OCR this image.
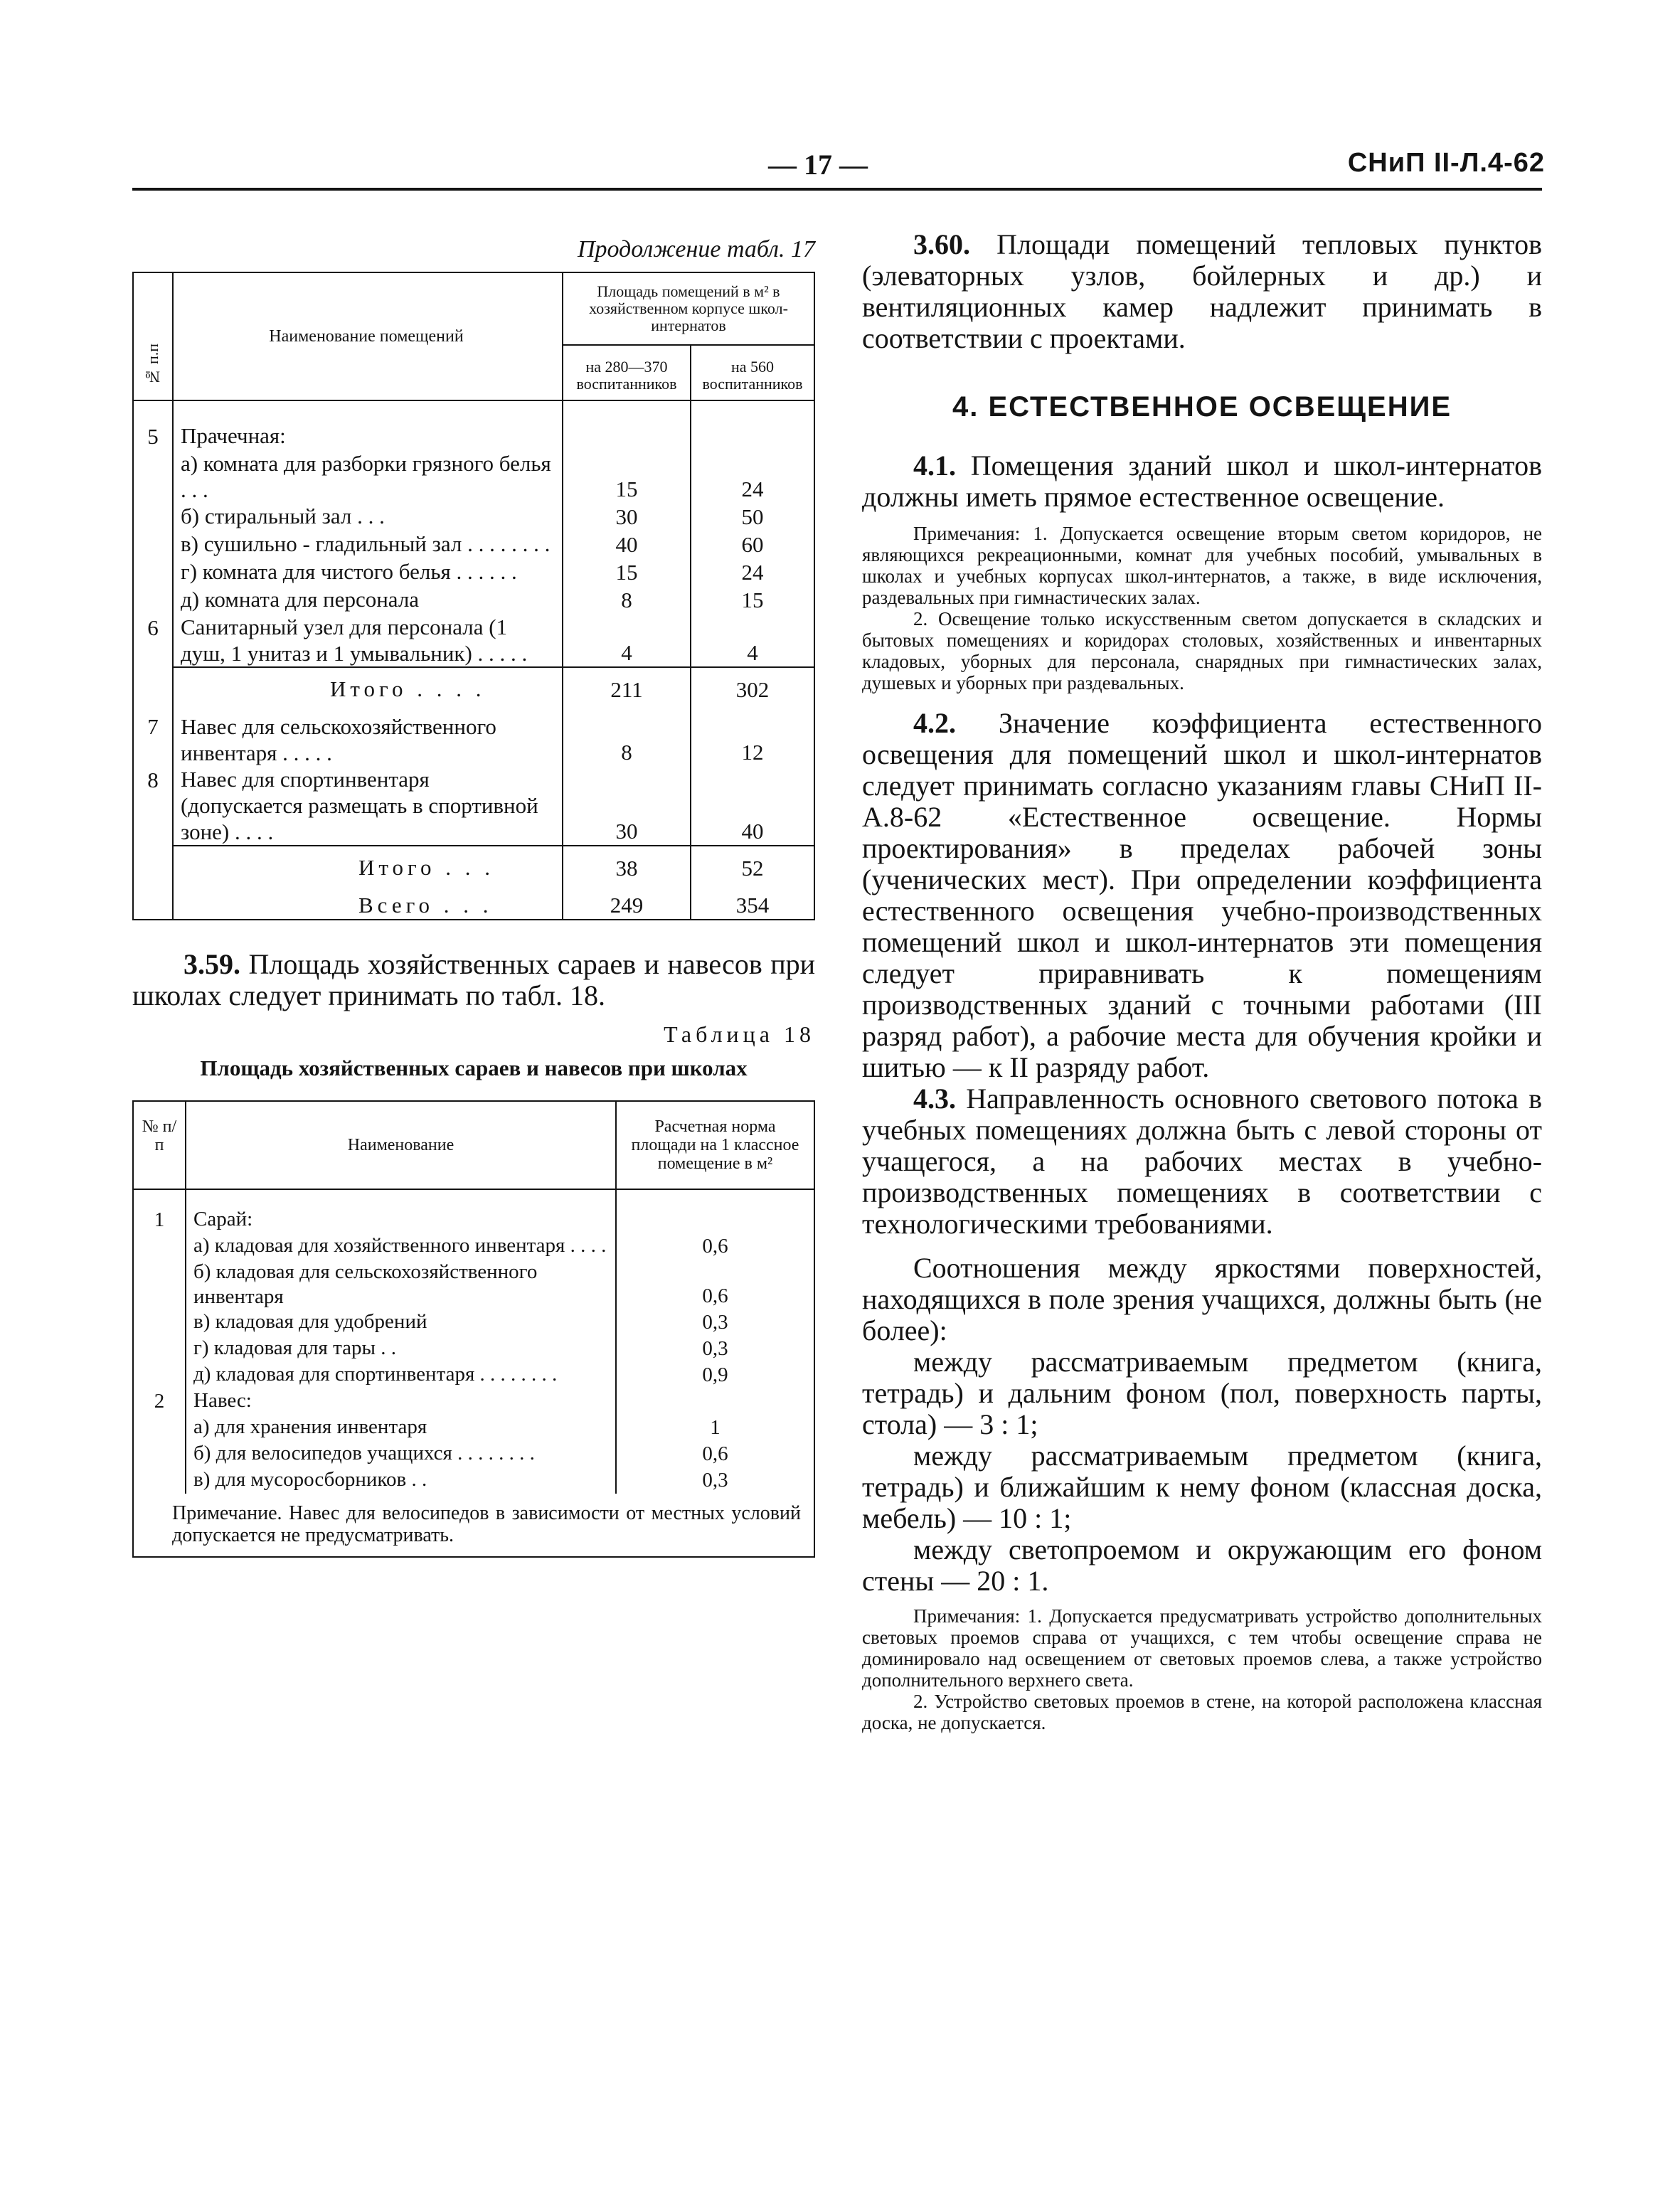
— 17 —	СНиП II-Л.4-62
Продолжение табл. 17
№ п.п	Наименование помещений	Площадь помещений в м² в хозяйственном корпусе школ-интернатов	
		на 280—370 воспитанников	на 560 воспитанников

5	Прачечная:		
	а) комната для разборки грязного белья . . .	15	24
	б) стиральный зал . . .	30	50
	в) сушильно - гладильный зал . . . . . . . .	40	60
	г) комната для чистого белья . . . . . .	15	24
	д) комната для персонала	8	15
6	Санитарный узел для персонала (1 душ, 1 унитаз и 1 умывальник) . . . . .	4	4

	Итого . . . .	211	302
7	Навес для сельскохозяйственного инвентаря . . . . .	8	12
8	Навес для спортинвентаря (допускается размещать в спортивной зоне) . . . .	30	40

	Итого . . .	38	52
	Всего . . .	249	354
3.59. Площадь хозяйственных сараев и навесов при школах следует принимать по табл. 18.
Таблица 18
Площадь хозяйственных сараев и навесов при школах
№ п/п	Наименование	Расчетная норма площади на 1 классное помещение в м²

1	Сарай:	
	а) кладовая для хозяйственного инвентаря . . . .	0,6
	б) кладовая для сельскохозяйственного инвентаря	0,6
	в) кладовая для удобрений	0,3
	г) кладовая для тары . .	0,3
	д) кладовая для спортинвентаря . . . . . . . .	0,9
2	Навес:	
	а) для хранения инвентаря	1
	б) для велосипедов учащихся . . . . . . . .	0,6
	в) для мусоросборников . .	0,3
Примечание. Навес для велосипедов в зависимости от местных условий допускается не предусматривать.		
3.60. Площади помещений тепловых пунктов (элеваторных узлов, бойлерных и др.) и вентиляционных камер надлежит принимать в соответствии с проектами.
4. ЕСТЕСТВЕННОЕ ОСВЕЩЕНИЕ
4.1. Помещения зданий школ и школ-интернатов должны иметь прямое естественное освещение.
Примечания: 1. Допускается освещение вторым светом коридоров, не являющихся рекреационными, комнат для учебных пособий, умывальных в школах и учебных корпусах школ-интернатов, а также, в виде исключения, раздевальных при гимнастических залах.
2. Освещение только искусственным светом допускается в складских и бытовых помещениях и коридорах столовых, хозяйственных и инвентарных кладовых, уборных для персонала, снарядных при гимнастических залах, душевых и уборных при раздевальных.
4.2. Значение коэффициента естественного освещения для помещений школ и школ-интернатов следует принимать согласно указаниям главы СНиП II-А.8-62 «Естественное освещение. Нормы проектирования» в пределах рабочей зоны (ученических мест). При определении коэффициента естественного освещения учебно-производственных помещений школ и школ-интернатов эти помещения следует приравнивать к помещениям производственных зданий с точными работами (III разряд работ), а рабочие места для обучения кройки и шитью — к II разряду работ.
4.3. Направленность основного светового потока в учебных помещениях должна быть с левой стороны от учащегося, а на рабочих местах в учебно-производственных помещениях в соответствии с технологическими требованиями.
Соотношения между яркостями поверхностей, находящихся в поле зрения учащихся, должны быть (не более):
между рассматриваемым предметом (книга, тетрадь) и дальним фоном (пол, поверхность парты, стола) — 3 : 1;
между рассматриваемым предметом (книга, тетрадь) и ближайшим к нему фоном (классная доска, мебель) — 10 : 1;
между светопроемом и окружающим его фоном стены — 20 : 1.
Примечания: 1. Допускается предусматривать устройство дополнительных световых проемов справа от учащихся, с тем чтобы освещение справа не доминировало над освещением от световых проемов слева, а также устройство дополнительного верхнего света.
2. Устройство световых проемов в стене, на которой расположена классная доска, не допускается.
